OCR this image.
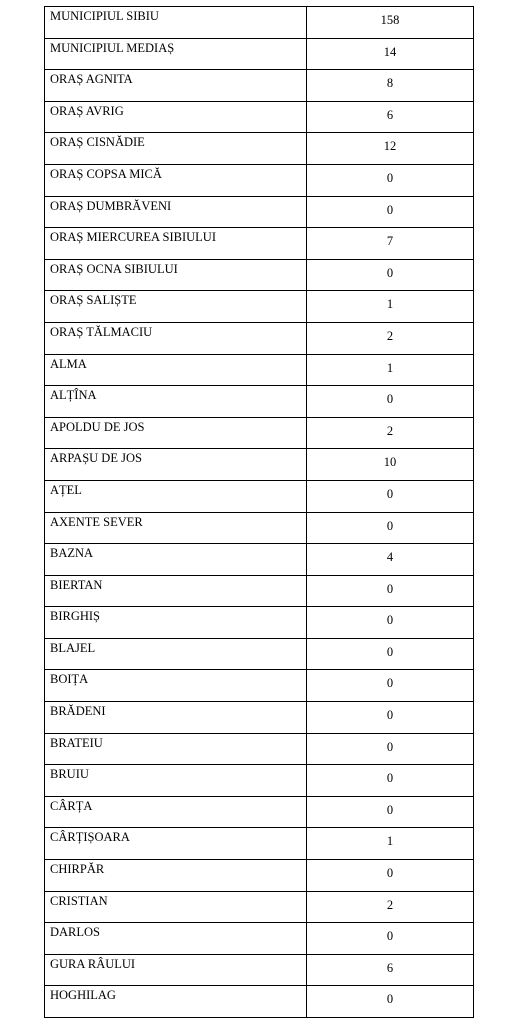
MUNICIPIUL SIBIU	158
MUNICIPIUL MEDIAȘ	14
ORAȘ AGNITA	8
ORAȘ AVRIG	6
ORAȘ CISNĂDIE	12
ORAȘ COPSA MICĂ	0
ORAȘ DUMBRĂVENI	0
ORAȘ MIERCUREA SIBIULUI	7
ORAȘ OCNA SIBIULUI	0
ORAȘ SALIȘTE	1
ORAȘ TĂLMACIU	2
ALMA	1
ALȚÎNA	0
APOLDU DE JOS	2
ARPAȘU DE JOS	10
AȚEL	0
AXENTE SEVER	0
BAZNA	4
BIERTAN	0
BIRGHIȘ	0
BLAJEL	0
BOIȚA	0
BRĂDENI	0
BRATEIU	0
BRUIU	0
CÂRȚA	0
CÂRȚIȘOARA	1
CHIRPĂR	0
CRISTIAN	2
DARLOS	0
GURA RÂULUI	6
HOGHILAG	0
